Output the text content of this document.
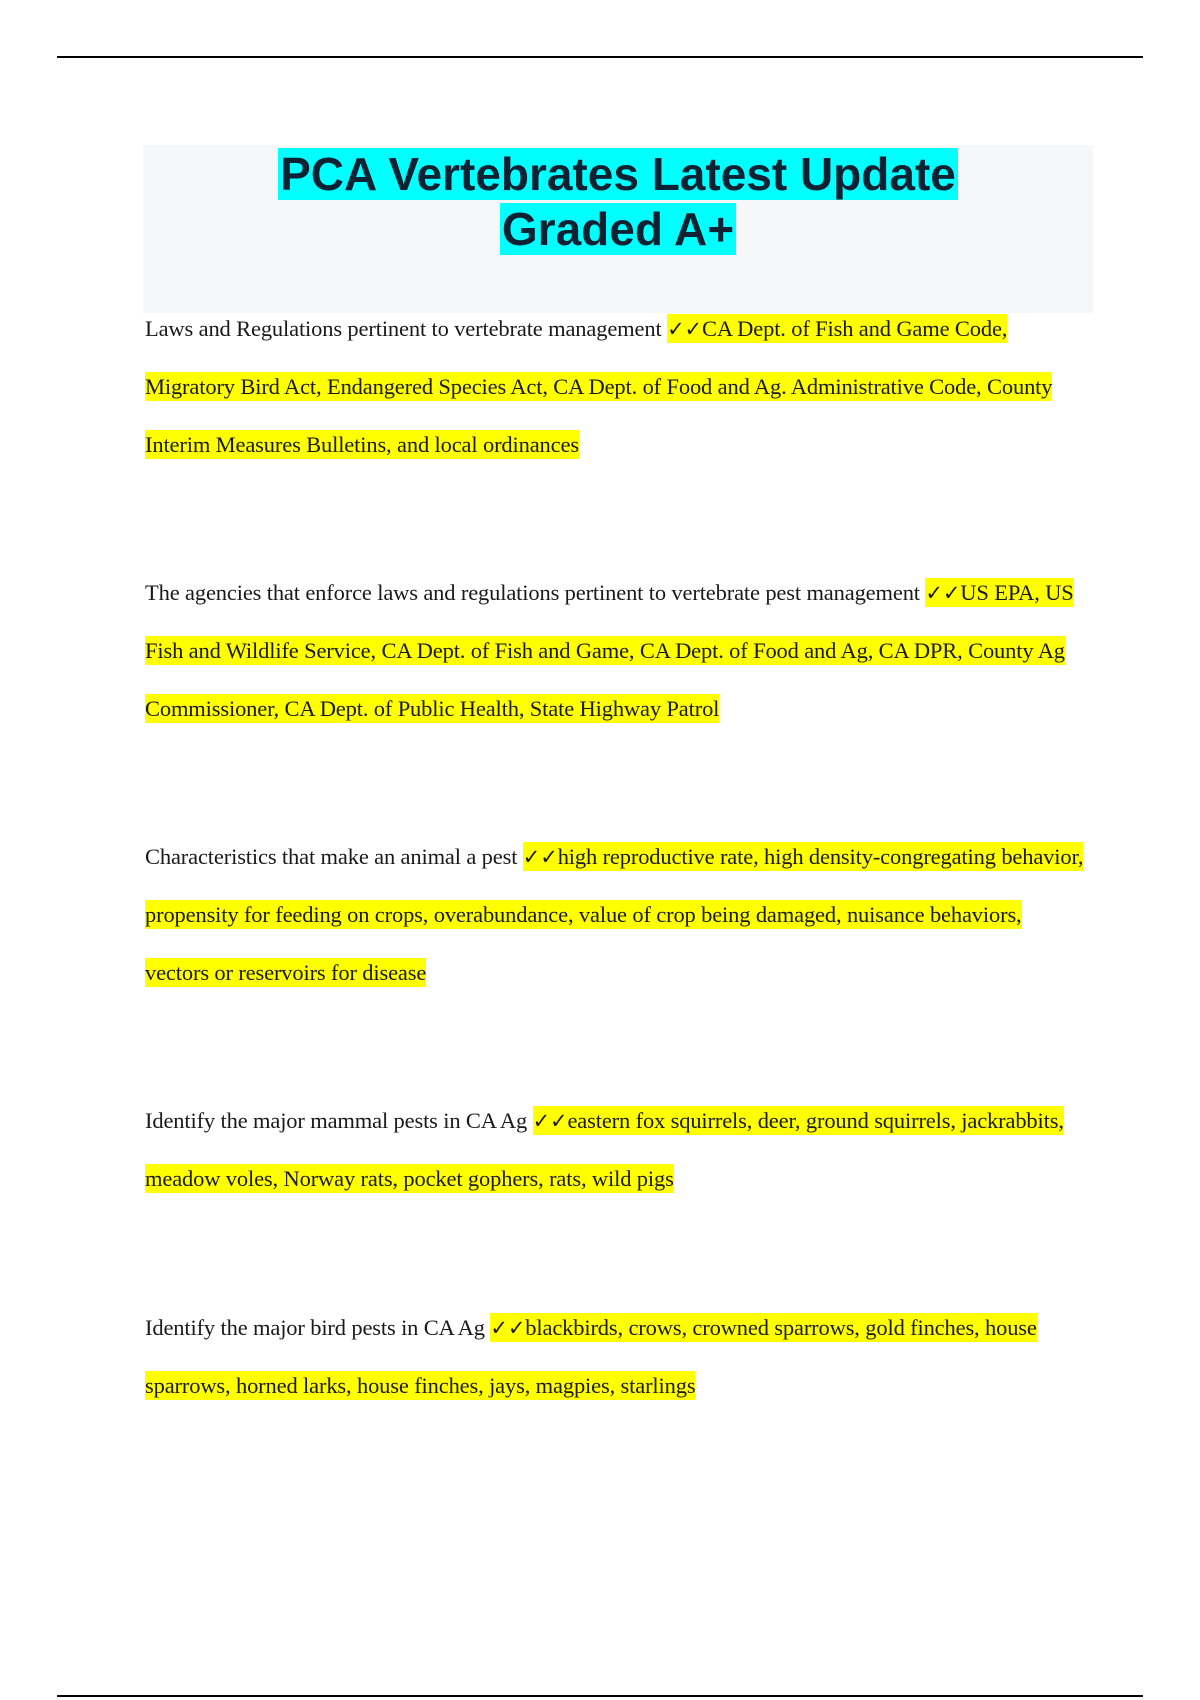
PCA Vertebrates Latest Update
Graded A+

Laws and Regulations pertinent to vertebrate management ✓✓CA Dept. of Fish and Game Code, Migratory Bird Act, Endangered Species Act, CA Dept. of Food and Ag. Administrative Code, County Interim Measures Bulletins, and local ordinances

The agencies that enforce laws and regulations pertinent to vertebrate pest management ✓✓US EPA, US Fish and Wildlife Service, CA Dept. of Fish and Game, CA Dept. of Food and Ag, CA DPR, County Ag Commissioner, CA Dept. of Public Health, State Highway Patrol

Characteristics that make an animal a pest ✓✓high reproductive rate, high density-congregating behavior, propensity for feeding on crops, overabundance, value of crop being damaged, nuisance behaviors, vectors or reservoirs for disease

Identify the major mammal pests in CA Ag ✓✓eastern fox squirrels, deer, ground squirrels, jackrabbits, meadow voles, Norway rats, pocket gophers, rats, wild pigs

Identify the major bird pests in CA Ag ✓✓blackbirds, crows, crowned sparrows, gold finches, house sparrows, horned larks, house finches, jays, magpies, starlings
